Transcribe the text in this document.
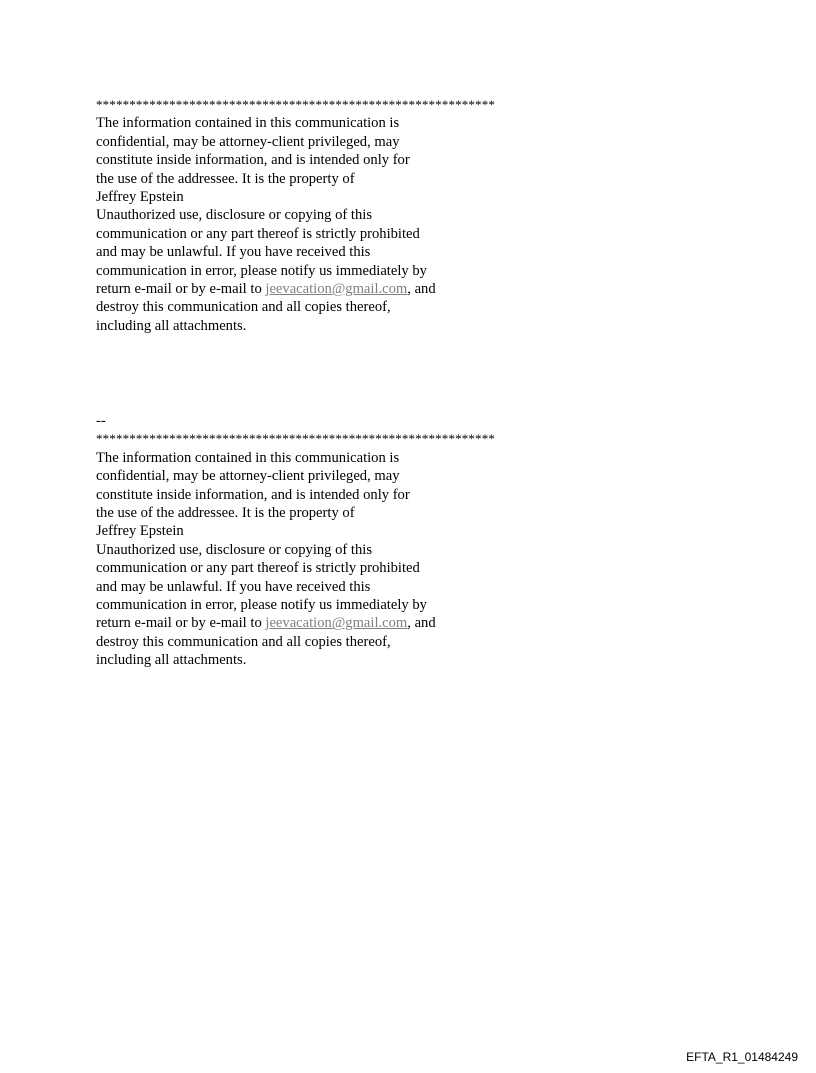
************************************************************
The information contained in this communication is
confidential, may be attorney-client privileged, may
constitute inside information, and is intended only for
the use of the addressee. It is the property of
Jeffrey Epstein
Unauthorized use, disclosure or copying of this
communication or any part thereof is strictly prohibited
and may be unlawful. If you have received this
communication in error, please notify us immediately by
return e-mail or by e-mail to jeevacation@gmail.com, and
destroy this communication and all copies thereof,
including all attachments.
--
************************************************************
The information contained in this communication is
confidential, may be attorney-client privileged, may
constitute inside information, and is intended only for
the use of the addressee. It is the property of
Jeffrey Epstein
Unauthorized use, disclosure or copying of this
communication or any part thereof is strictly prohibited
and may be unlawful. If you have received this
communication in error, please notify us immediately by
return e-mail or by e-mail to jeevacation@gmail.com, and
destroy this communication and all copies thereof,
including all attachments.
EFTA_R1_01484249
